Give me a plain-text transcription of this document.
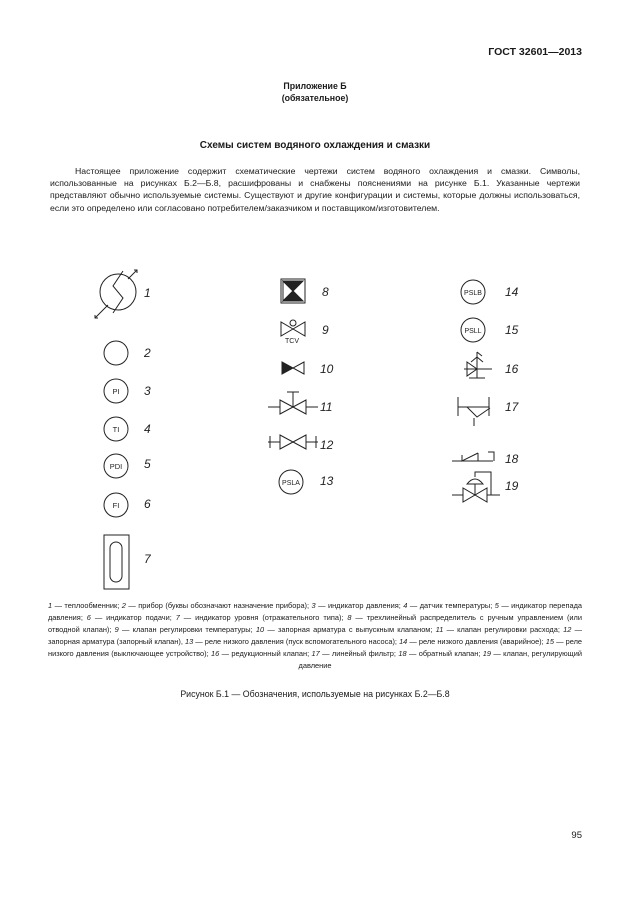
ГОСТ 32601—2013
Приложение Б
(обязательное)
Схемы систем водяного охлаждения и смазки

Настоящее приложение содержит схематические чертежи систем водяного охлаждения и смазки. Символы, использованные на рисунках Б.2—Б.8, расшифрованы и снабжены пояснениями на рисунке Б.1. Указанные чертежи представляют обычно используемые системы. Существуют и другие конфигурации и системы, которые должны использоваться, если это определено или согласовано потребителем/заказчиком и поставщиком/изготовителем.

PI
TI
PDI
FI
TCV
PSLA
PSLB
PSLL
1
2
3
4
5
6
7
8
9
10
11
12
13
14
15
16
17
18
19

1 — теплообменник; 2 — прибор (буквы обозначают назначение прибора); 3 — индикатор давления; 4 — датчик температуры; 5 — индикатор перепада давления; 6 — индикатор подачи; 7 — индикатор уровня (отражательного типа); 8 — трехлинейный распределитель с ручным управлением (или отводной клапан); 9 — клапан регулировки температуры; 10 — запорная арматура с выпускным клапаном; 11 — клапан регулировки расхода; 12 — запорная арматура (запорный клапан), 13 — реле низкого давления (пуск вспомогательного насоса); 14 — реле низкого давления (аварийное); 15 — реле низкого давления (выключающее устройство); 16 — редукционный клапан; 17 — линейный фильтр; 18 — обратный клапан; 19 — клапан, регулирующий давление

Рисунок Б.1 — Обозначения, используемые на рисунках Б.2—Б.8
95
